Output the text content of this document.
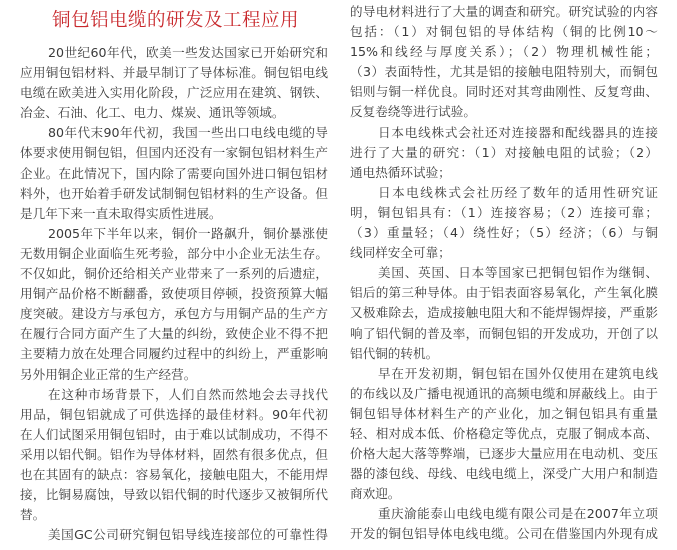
铜包铝电缆的研发及工程应用
20世纪60年代，欧美一些发达国家已开始研究和
应用铜包铝材料、并最早制订了导体标准。铜包铝电线
电缆在欧美进入实用化阶段，广泛应用在建筑、钢铁、
冶金、石油、化工、电力、煤炭、通讯等领域。
80年代末90年代初，我国一些出口电线电缆的导
体要求使用铜包铝，但国内还没有一家铜包铝材料生产
企业。在此情况下，国内除了需要向国外进口铜包铝材
料外，也开始着手研发试制铜包铝材料的生产设备。但
是几年下来一直未取得实质性进展。
2005年下半年以来，铜价一路飙升，铜价暴涨使
无数用铜企业面临生死考验，部分中小企业无法生存。
不仅如此，铜价还给相关产业带来了一系列的后遗症，
用铜产品价格不断翻番，致使项目停顿，投资预算大幅
度突破。建设方与承包方，承包方与用铜产品的生产方
在履行合同方面产生了大量的纠纷，致使企业不得不把
主要精力放在处理合同履约过程中的纠纷上，严重影响
另外用铜企业正常的生产经营。
在这种市场背景下，人们自然而然地会去寻找代
用品，铜包铝就成了可供选择的最佳材料。90年代初
在人们试图采用铜包铝时，由于难以试制成功，不得不
采用以铝代铜。铝作为导体材料，固然有很多优点，但
也在其固有的缺点：容易氧化，接触电阻大，不能用焊
接，比铜易腐蚀，导致以铝代铜的时代逐步又被铜所代
替。
美国GC公司研究铜包铝导线连接部位的可靠性得
的导电材料进行了大量的调查和研究。研究试验的内容
包括：（1）对铜包铝的导体结构（铜的比例10～
15%和线经与厚度关系）；（2）物理机械性能；
（3）表面特性，尤其是铝的接触电阻特别大，而铜包
铝则与铜一样优良。同时还对其弯曲刚性、反复弯曲、
反复卷绕等进行试验。
日本电线株式会社还对连接器和配线器具的连接
进行了大量的研究：（1）对接触电阻的试验；（2）
通电热循环试验；
日本电线株式会社历经了数年的适用性研究证
明，铜包铝具有：（1）连接容易；（2）连接可靠；
（3）重量轻；（4）绕性好；（5）经济；（6）与铜
线同样安全可靠；
美国、英国、日本等国家已把铜包铝作为继铜、
铝后的第三种导体。由于铝表面容易氧化，产生氧化膜
又极难除去，造成接触电阻大和不能焊锡焊接，严重影
响了铝代铜的普及率，而铜包铝的开发成功，开创了以
铝代铜的转机。
早在开发初期，铜包铝在国外仅使用在建筑电线
的布线以及广播电视通讯的高频电缆和屏蔽线上。由于
铜包铝导体材料生产的产业化，加之铜包铝具有重量
轻、相对成本低、价格稳定等优点，克服了铜成本高、
价格大起大落等弊端，已逐步大量应用在电动机、变压
器的漆包线、母线、电线电缆上，深受广大用户和制造
商欢迎。
重庆渝能泰山电线电缆有限公司是在2007年立项
开发的铜包铝导体电线电缆。公司在借鉴国内外现有成
